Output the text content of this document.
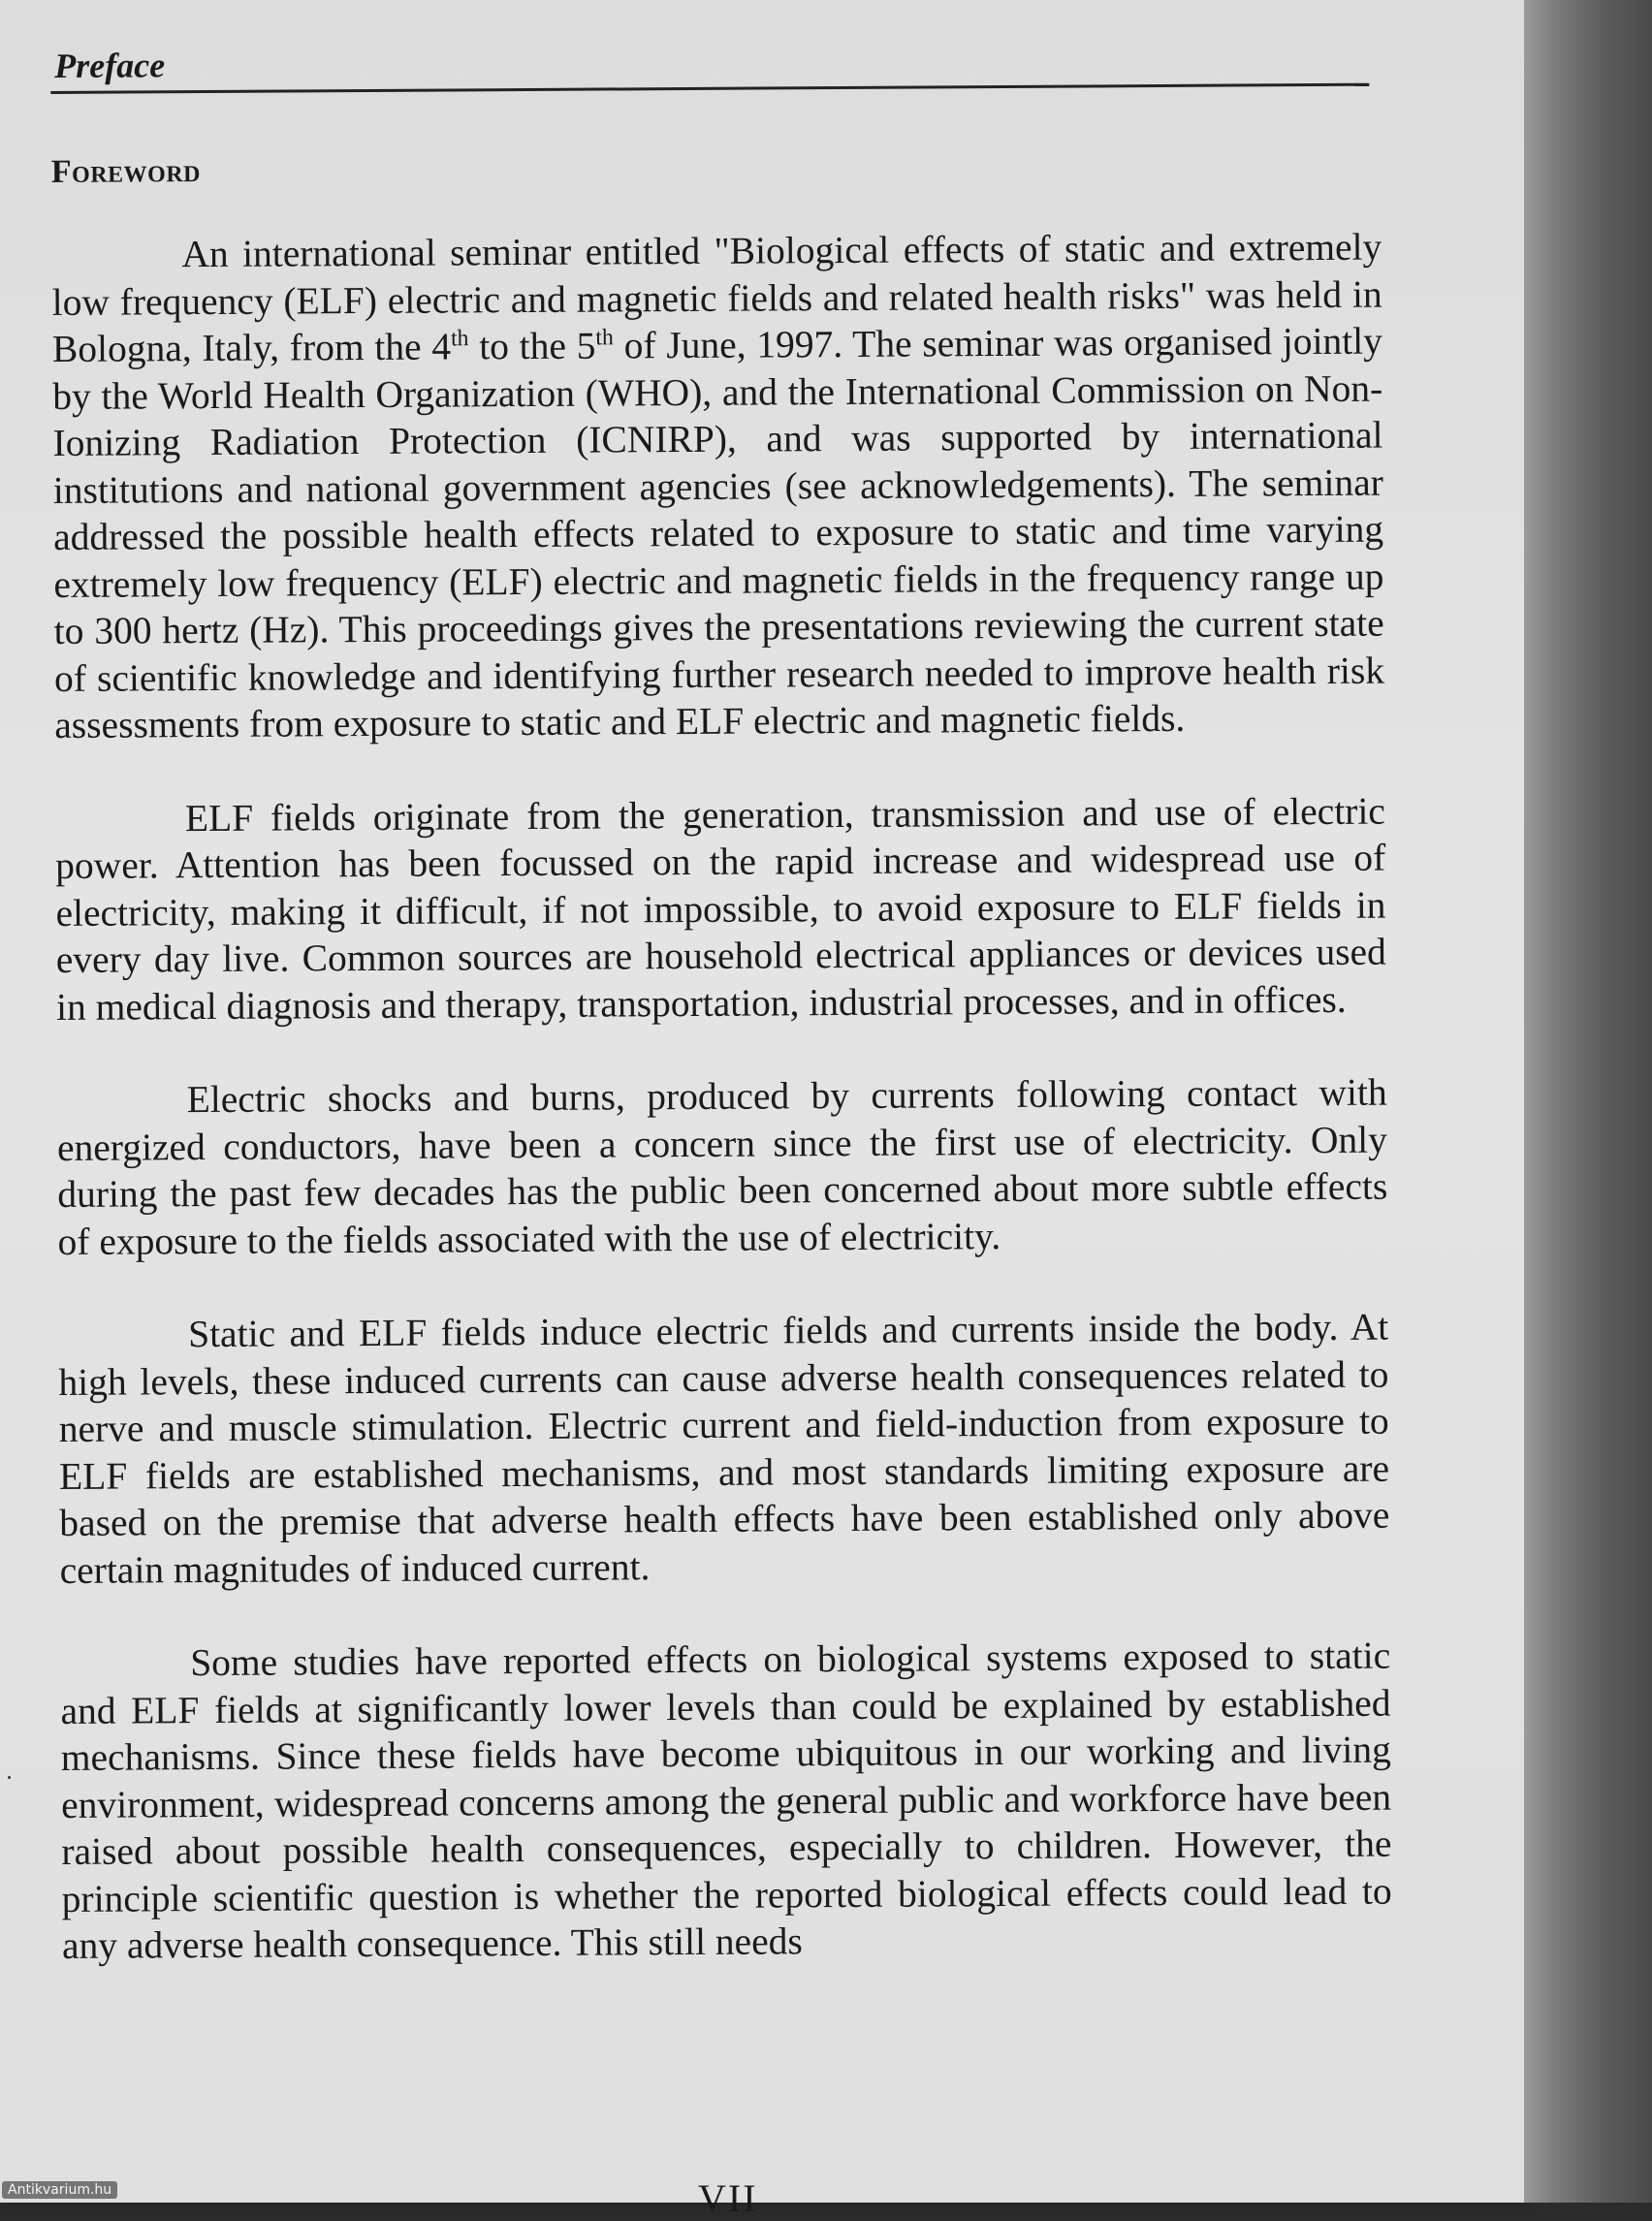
Preface
Foreword

An international seminar entitled "Biological effects of static and extremely low frequency (ELF) electric and magnetic fields and related health risks" was held in Bologna, Italy, from the 4th to the 5th of June, 1997. The seminar was organised jointly by the World Health Organization (WHO), and the International Commission on Non-Ionizing Radiation Protection (ICNIRP), and was supported by international institutions and national government agencies (see acknowledgements). The seminar addressed the possible health effects related to exposure to static and time varying extremely low frequency (ELF) electric and magnetic fields in the frequency range up to 300 hertz (Hz). This proceedings gives the presentations reviewing the current state of scientific knowledge and identifying further research needed to improve health risk assessments from exposure to static and ELF electric and magnetic fields.

ELF fields originate from the generation, transmission and use of electric power. Attention has been focussed on the rapid increase and widespread use of electricity, making it difficult, if not impossible, to avoid exposure to ELF fields in every day live. Common sources are household electrical appliances or devices used in medical diagnosis and therapy, transportation, industrial processes, and in offices.

Electric shocks and burns, produced by currents following contact with energized conductors, have been a concern since the first use of electricity. Only during the past few decades has the public been concerned about more subtle effects of exposure to the fields associated with the use of electricity.

Static and ELF fields induce electric fields and currents inside the body. At high levels, these induced currents can cause adverse health consequences related to nerve and muscle stimulation. Electric current and field-induction from exposure to ELF fields are established mechanisms, and most standards limiting exposure are based on the premise that adverse health effects have been established only above certain magnitudes of induced current.

Some studies have reported effects on biological systems exposed to static and ELF fields at significantly lower levels than could be explained by established mechanisms. Since these fields have become ubiquitous in our working and living environment, widespread concerns among the general public and workforce have been raised about possible health consequences, especially to children. However, the principle scientific question is whether the reported biological effects could lead to any adverse health consequence. This still needs

VII
Antikvarium.hu
